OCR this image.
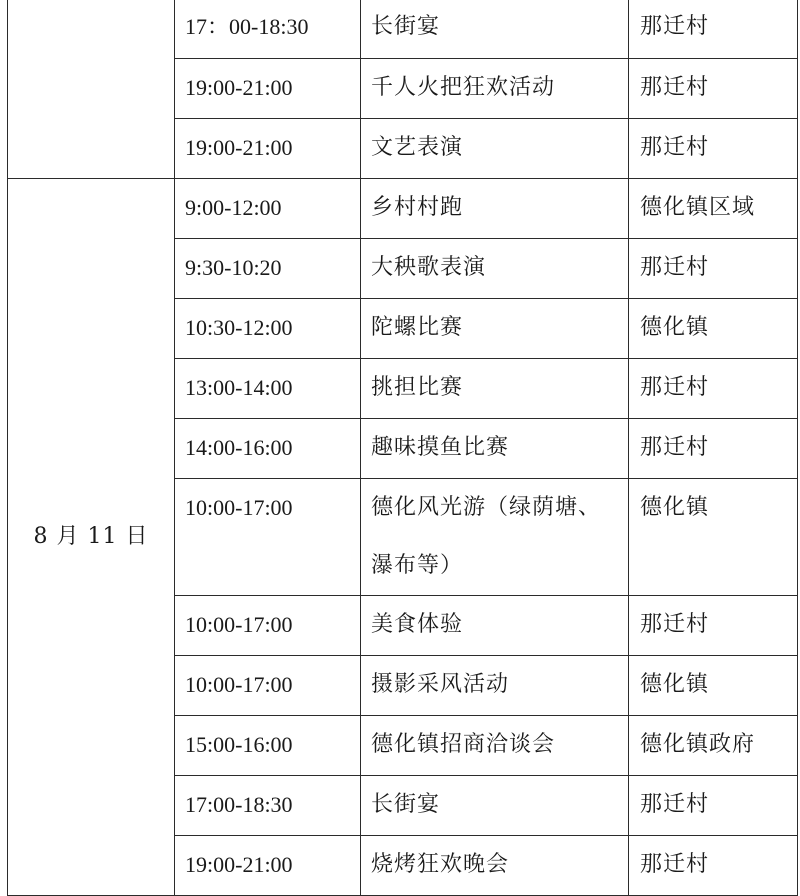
	17：00-18:30	长街宴	那迁村
	19:00-21:00	千人火把狂欢活动	那迁村
	19:00-21:00	文艺表演	那迁村
8 月 11 日	9:00-12:00	乡村村跑	德化镇区域
	9:30-10:20	大秧歌表演	那迁村
	10:30-12:00	陀螺比赛	德化镇
	13:00-14:00	挑担比赛	那迁村
	14:00-16:00	趣味摸鱼比赛	那迁村
	10:00-17:00	德化风光游（绿荫塘、
瀑布等）	德化镇
	10:00-17:00	美食体验	那迁村
	10:00-17:00	摄影采风活动	德化镇
	15:00-16:00	德化镇招商洽谈会	德化镇政府
	17:00-18:30	长街宴	那迁村
	19:00-21:00	烧烤狂欢晚会	那迁村
